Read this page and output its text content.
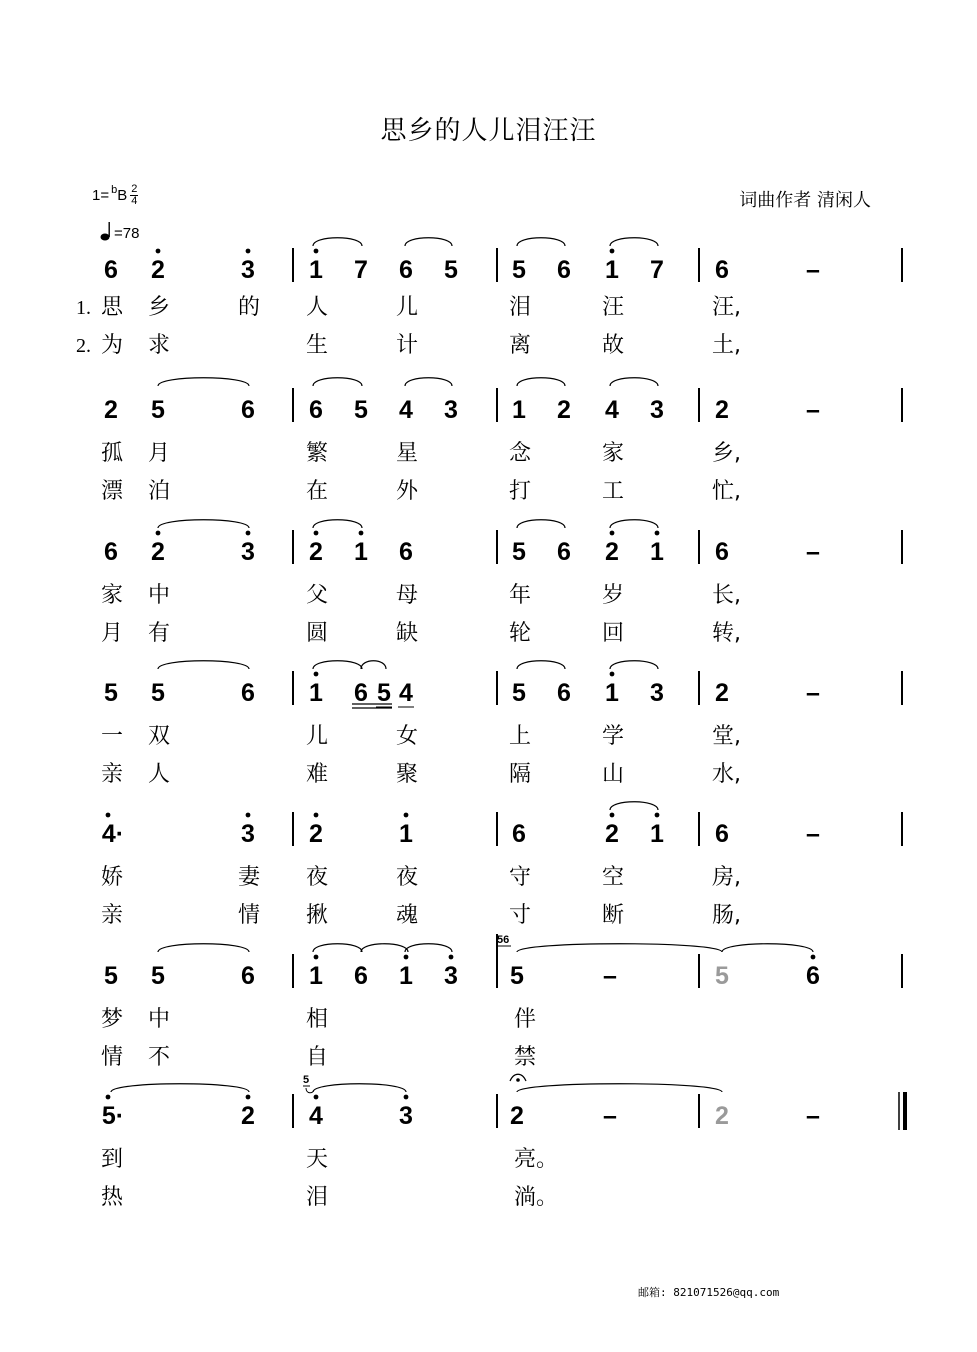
思乡的人儿泪汪汪
1= b B $\frac{2}{4}$
=78
词曲作者 清闲人
6 2	3 1 7 6 5 5 6 1 7 6	–
1. 思 乡	的 人	儿	泪	汪	汪,
2. 为 求	生	计	离	故	土,
2 5	6 6 5 4 3 1 2 4 3 2	–
孤 月	繁	星	念	家	乡,
漂 泊	在	外	打	工	忙,
6 2	3 2 1 6	5 6 2 1 6	–
家 中	父	母	年	岁	长,
月 有	圆	缺	轮	回	转,
5 5	6 1 6 5 4	5 6 1 3 2	–
一 双	儿	女	上	学	堂,
亲 人	难	聚	隔	山	水,
4·	3 2	1	6	2 1 6	–
娇	妻 夜	夜	守	空	房,
亲	情 揪	魂	寸	断	肠,
5 5	6 1 6 1 3 5	–	5	6
56
梦 中	相	伴
情 不	自	禁
5·	2 4	3	2	–	2	–
5
到	天	亮。
热	泪	淌。
邮箱: 821071526@qq.com
